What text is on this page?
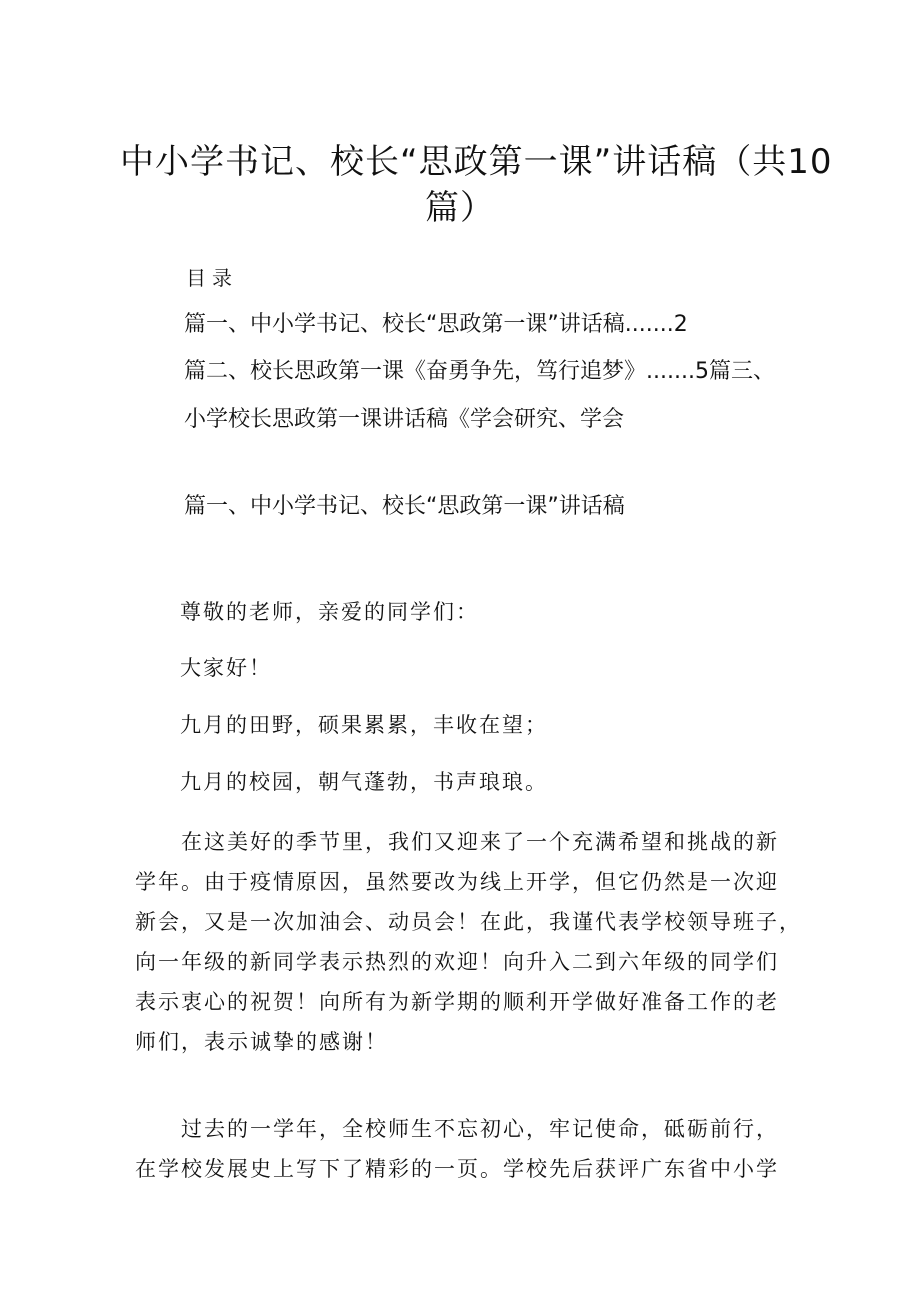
中小学书记、校长“思政第一课”讲话稿（共10
篇）
目录
篇一、中小学书记、校长“思政第一课”讲话稿.......2
篇二、校长思政第一课《奋勇争先，笃行追梦》.......5篇三、
小学校长思政第一课讲话稿《学会研究、学会
篇一、中小学书记、校长“思政第一课”讲话稿
尊敬的老师，亲爱的同学们：
大家好！
九月的田野，硕果累累，丰收在望；
九月的校园，朝气蓬勃，书声琅琅。
在这美好的季节里，我们又迎来了一个充满希望和挑战的新
学年。由于疫情原因，虽然要改为线上开学，但它仍然是一次迎
新会，又是一次加油会、动员会！在此，我谨代表学校领导班子，
向一年级的新同学表示热烈的欢迎！向升入二到六年级的同学们
表示衷心的祝贺！向所有为新学期的顺利开学做好准备工作的老
师们，表示诚挚的感谢！
过去的一学年，全校师生不忘初心，牢记使命，砥砺前行，
在学校发展史上写下了精彩的一页。学校先后获评广东省中小学
